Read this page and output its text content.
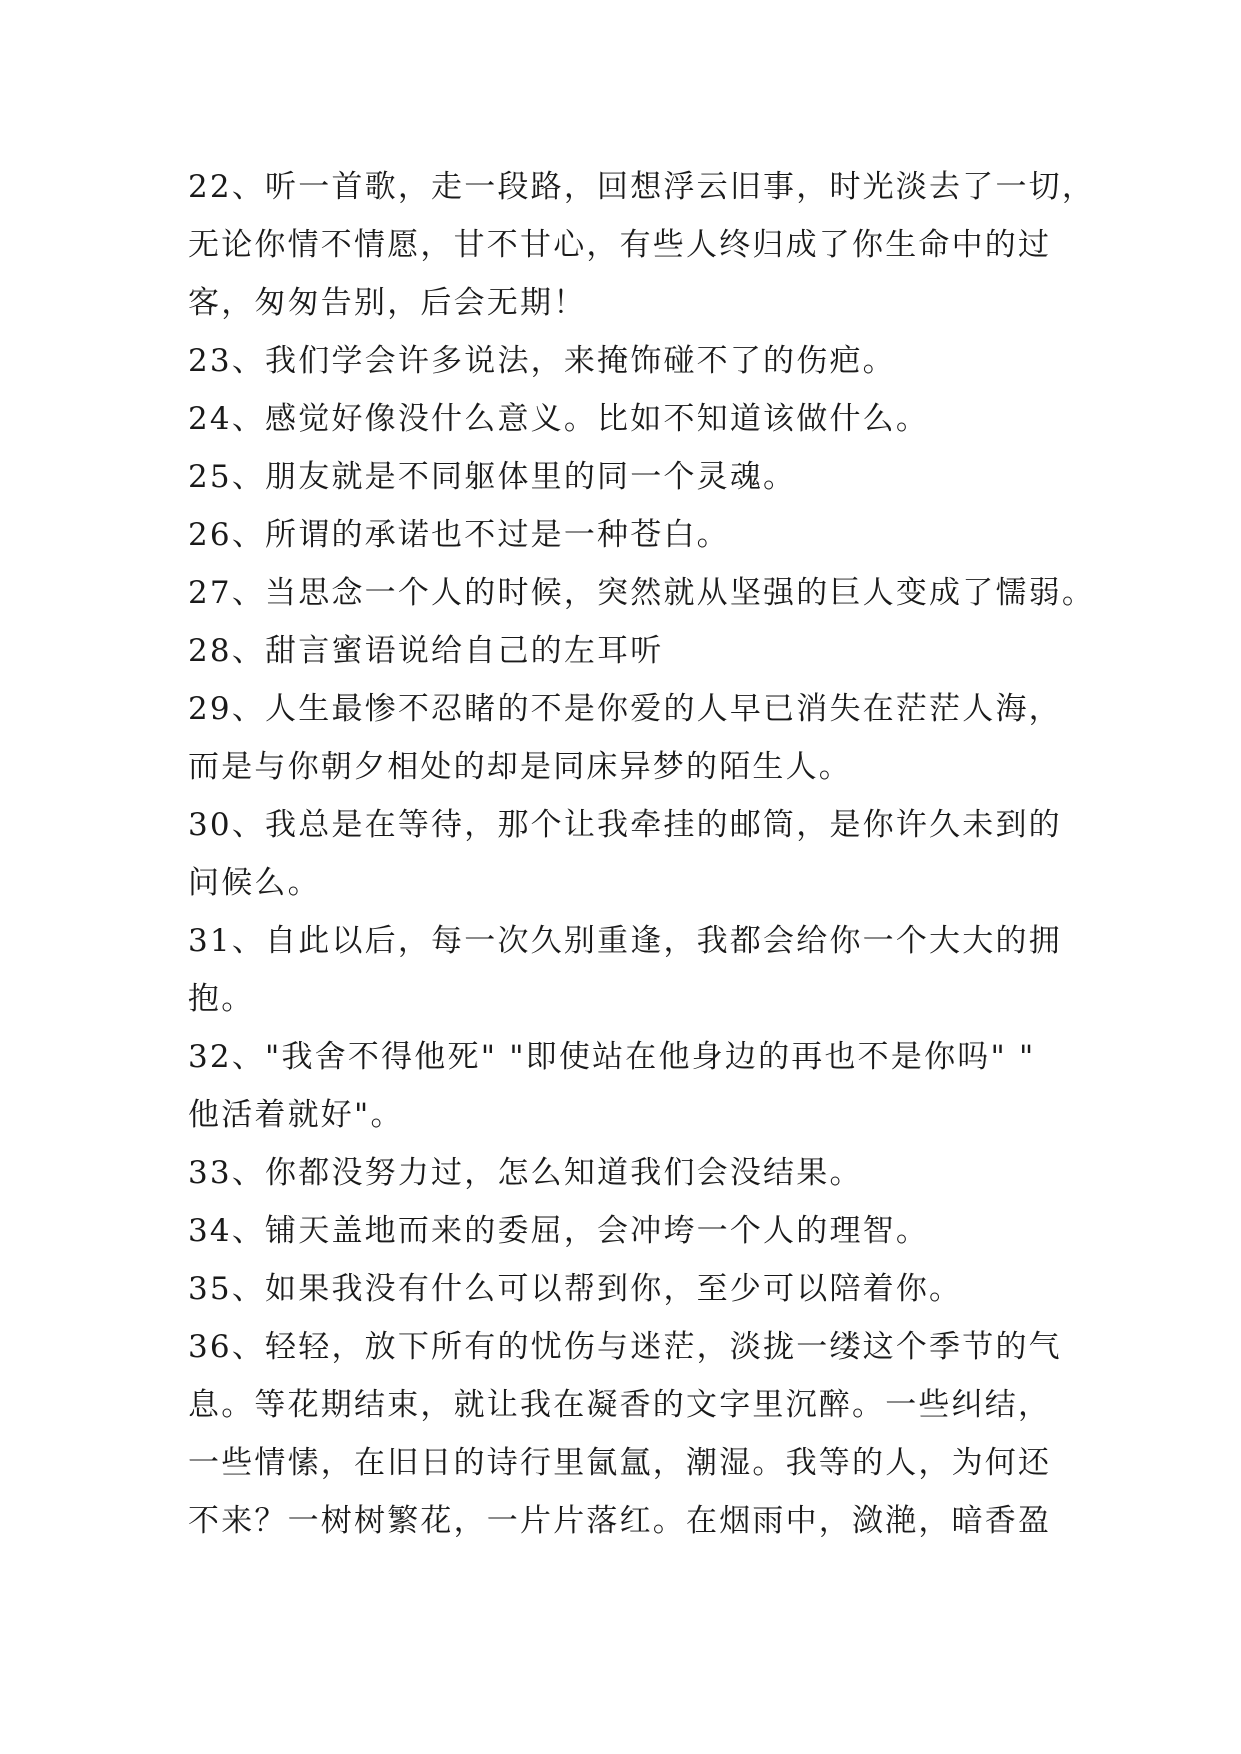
22、听一首歌，走一段路，回想浮云旧事，时光淡去了一切，
无论你情不情愿，甘不甘心，有些人终归成了你生命中的过
客，匆匆告别，后会无期！
23、我们学会许多说法，来掩饰碰不了的伤疤。
24、感觉好像没什么意义。比如不知道该做什么。
25、朋友就是不同躯体里的同一个灵魂。
26、所谓的承诺也不过是一种苍白。
27、当思念一个人的时候，突然就从坚强的巨人变成了懦弱。
28、甜言蜜语说给自己的左耳听
29、人生最惨不忍睹的不是你爱的人早已消失在茫茫人海，
而是与你朝夕相处的却是同床异梦的陌生人。
30、我总是在等待，那个让我牵挂的邮筒，是你许久未到的
问候么。
31、自此以后，每一次久别重逢，我都会给你一个大大的拥
抱。
32、"我舍不得他死" "即使站在他身边的再也不是你吗" "
他活着就好"。
33、你都没努力过，怎么知道我们会没结果。
34、铺天盖地而来的委屈，会冲垮一个人的理智。
35、如果我没有什么可以帮到你，至少可以陪着你。
36、轻轻，放下所有的忧伤与迷茫，淡拢一缕这个季节的气
息。等花期结束，就让我在凝香的文字里沉醉。一些纠结，
一些情愫，在旧日的诗行里氤氲，潮湿。我等的人，为何还
不来？一树树繁花，一片片落红。在烟雨中，潋滟，暗香盈
